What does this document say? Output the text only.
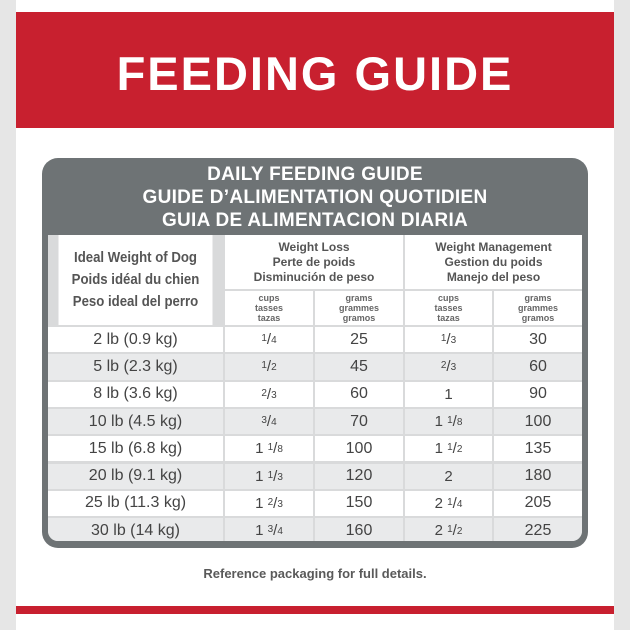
FEEDING GUIDE
DAILY FEEDING GUIDE
GUIDE D’ALIMENTATION QUOTIDIEN
GUIA DE ALIMENTACION DIARIA
Ideal Weight of Dog
Poids idéal du chien
Peso ideal del perro
Weight Loss
Perte de poids
Disminución de peso
Weight Management
Gestion du poids
Manejo del peso
cups
tasses
tazas
grams
grammes
gramos
cups
tasses
tazas
grams
grammes
gramos
2 lb (0.9 kg)	$^1$ $/_4$	25	$^1$ $/_3$	30
5 lb (2.3 kg)	$^1$ $/_2$	45	$^2$ $/_3$	60
8 lb (3.6 kg)	$^2$ $/_3$	60	1	90
10 lb (4.5 kg)	$^3$ $/_4$	70	1 $^1$ $/_8$	100
15 lb (6.8 kg)	1 $^1$ $/_8$	100	1 $^1$ $/_2$	135
20 lb (9.1 kg)	1 $^1$ $/_3$	120	2	180
25 lb (11.3 kg)	1 $^2$ $/_3$	150	2 $^1$ $/_4$	205
30 lb (14 kg)	1 $^3$ $/_4$	160	2 $^1$ $/_2$	225
Reference packaging for full details.
